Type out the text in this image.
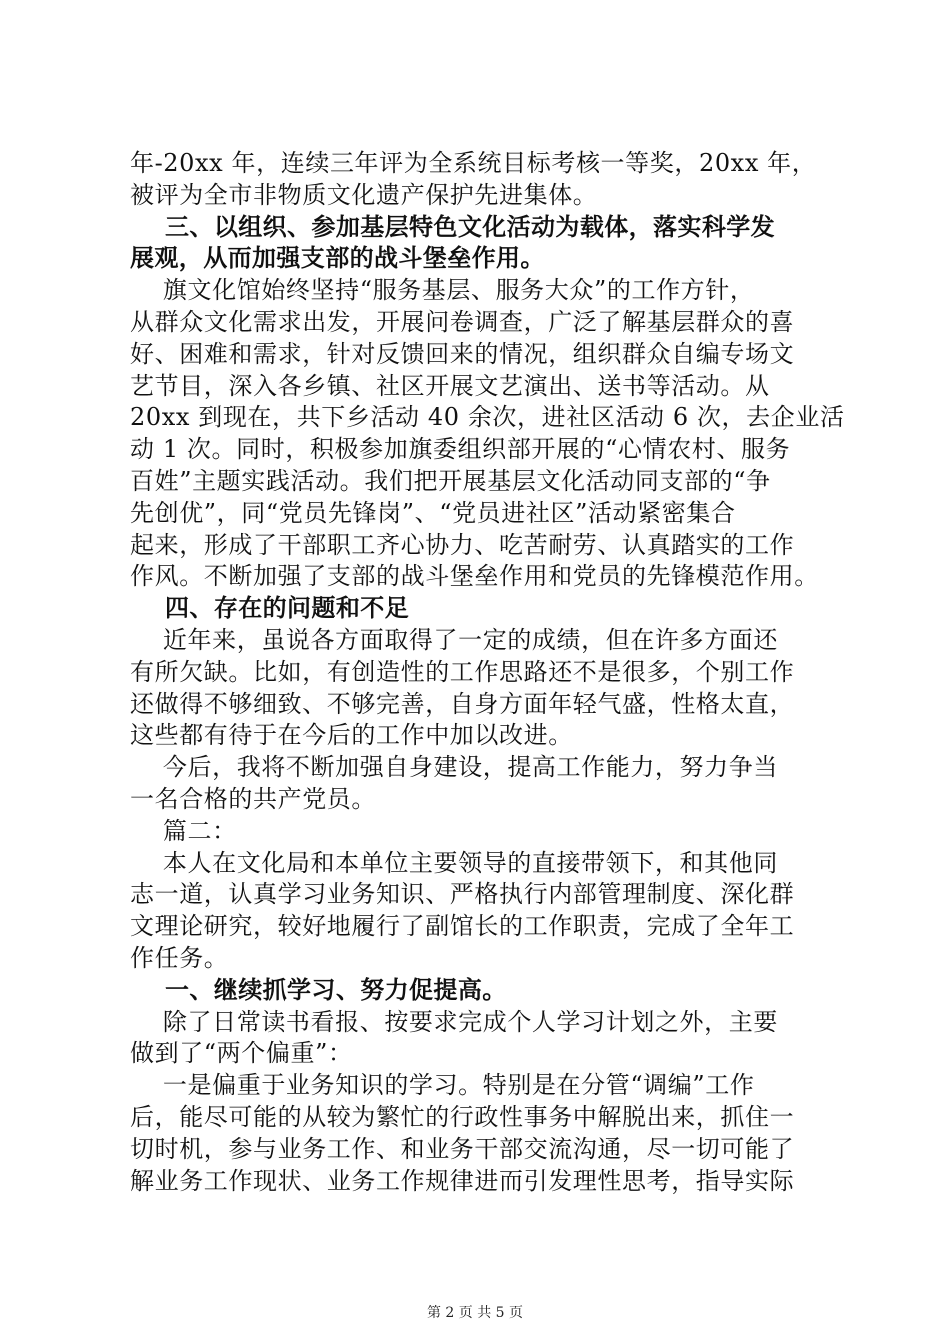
年-20xx 年，连续三年评为全系统目标考核一等奖，20xx 年，
被评为全市非物质文化遗产保护先进集体。
三、以组织、参加基层特色文化活动为载体，落实科学发
展观，从而加强支部的战斗堡垒作用。
旗文化馆始终坚持“服务基层、服务大众”的工作方针，
从群众文化需求出发，开展问卷调查，广泛了解基层群众的喜
好、困难和需求，针对反馈回来的情况，组织群众自编专场文
艺节目，深入各乡镇、社区开展文艺演出、送书等活动。从
20xx 到现在，共下乡活动 40 余次，进社区活动 6 次，去企业活
动 1 次。同时，积极参加旗委组织部开展的“心情农村、服务
百姓”主题实践活动。我们把开展基层文化活动同支部的“争
先创优”，同“党员先锋岗”、“党员进社区”活动紧密集合
起来，形成了干部职工齐心协力、吃苦耐劳、认真踏实的工作
作风。不断加强了支部的战斗堡垒作用和党员的先锋模范作用。
四、存在的问题和不足
近年来，虽说各方面取得了一定的成绩，但在许多方面还
有所欠缺。比如，有创造性的工作思路还不是很多，个别工作
还做得不够细致、不够完善，自身方面年轻气盛，性格太直，
这些都有待于在今后的工作中加以改进。
今后，我将不断加强自身建设，提高工作能力，努力争当
一名合格的共产党员。
篇二：
本人在文化局和本单位主要领导的直接带领下，和其他同
志一道，认真学习业务知识、严格执行内部管理制度、深化群
文理论研究，较好地履行了副馆长的工作职责，完成了全年工
作任务。
一、继续抓学习、努力促提高。
除了日常读书看报、按要求完成个人学习计划之外，主要
做到了“两个偏重”：
一是偏重于业务知识的学习。特别是在分管“调编”工作
后，能尽可能的从较为繁忙的行政性事务中解脱出来，抓住一
切时机，参与业务工作、和业务干部交流沟通，尽一切可能了
解业务工作现状、业务工作规律进而引发理性思考，指导实际
第 2 页 共 5 页
